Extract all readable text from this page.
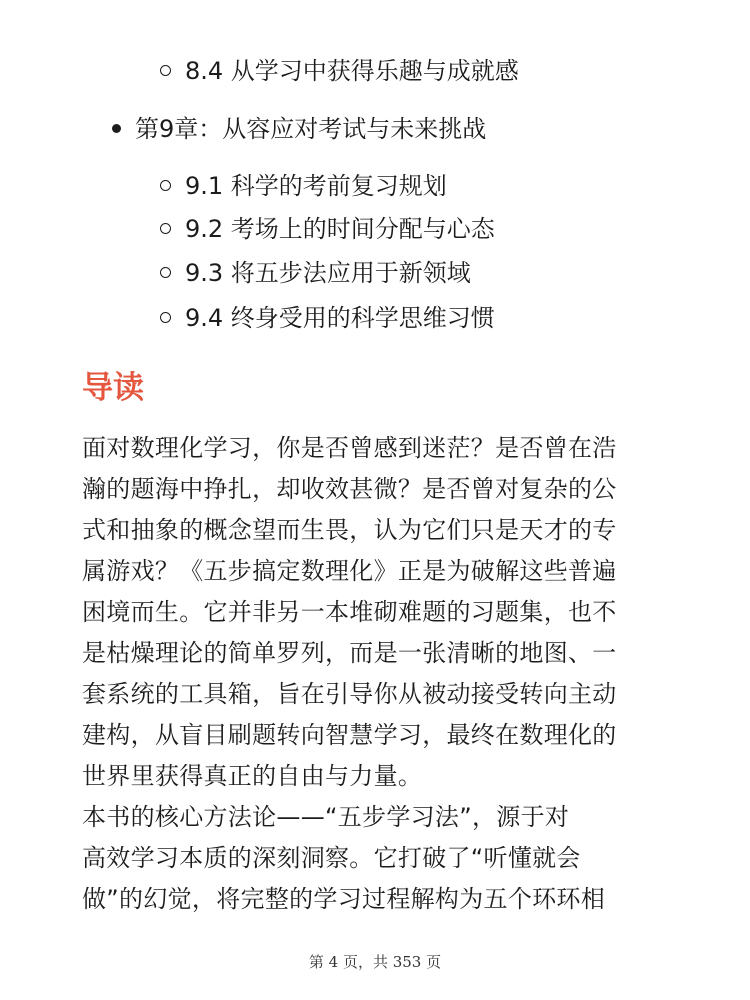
8.4 从学习中获得乐趣与成就感
第9章：从容应对考试与未来挑战
9.1 科学的考前复习规划
9.2 考场上的时间分配与心态
9.3 将五步法应用于新领域
9.4 终身受用的科学思维习惯
导读
面对数理化学习，你是否曾感到迷茫？是否曾在浩
瀚的题海中挣扎，却收效甚微？是否曾对复杂的公
式和抽象的概念望而生畏，认为它们只是天才的专
属游戏？《五步搞定数理化》正是为破解这些普遍
困境而生。它并非另一本堆砌难题的习题集，也不
是枯燥理论的简单罗列，而是一张清晰的地图、一
套系统的工具箱，旨在引导你从被动接受转向主动
建构，从盲目刷题转向智慧学习，最终在数理化的
世界里获得真正的自由与力量。
本书的核心方法论——“五步学习法”，源于对
高效学习本质的深刻洞察。它打破了“听懂就会
做”的幻觉，将完整的学习过程解构为五个环环相
第 4 页，共 353 页
